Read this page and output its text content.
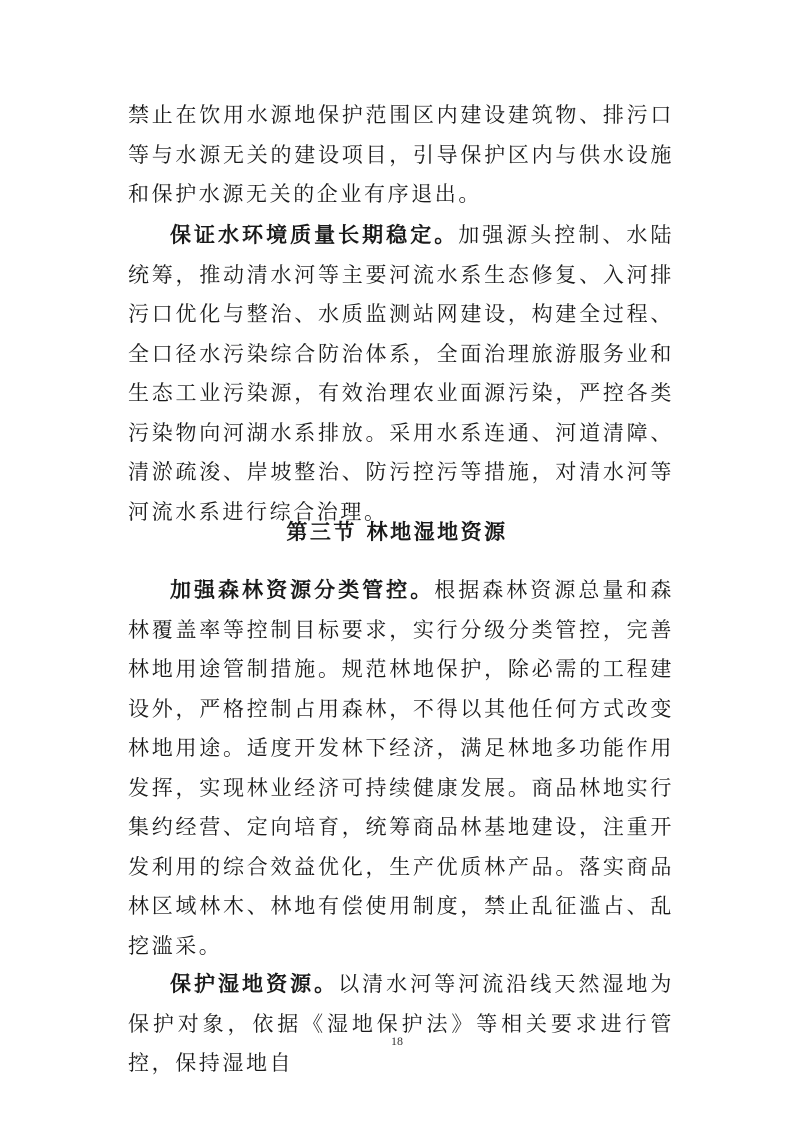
禁止在饮用水源地保护范围区内建设建筑物、排污口等与水源无关的建设项目，引导保护区内与供水设施和保护水源无关的企业有序退出。

保证水环境质量长期稳定。加强源头控制、水陆统筹，推动清水河等主要河流水系生态修复、入河排污口优化与整治、水质监测站网建设，构建全过程、全口径水污染综合防治体系，全面治理旅游服务业和生态工业污染源，有效治理农业面源污染，严控各类污染物向河湖水系排放。采用水系连通、河道清障、清淤疏浚、岸坡整治、防污控污等措施，对清水河等河流水系进行综合治理。

第三节 林地湿地资源

加强森林资源分类管控。根据森林资源总量和森林覆盖率等控制目标要求，实行分级分类管控，完善林地用途管制措施。规范林地保护，除必需的工程建设外，严格控制占用森林，不得以其他任何方式改变林地用途。适度开发林下经济，满足林地多功能作用发挥，实现林业经济可持续健康发展。商品林地实行集约经营、定向培育，统筹商品林基地建设，注重开发利用的综合效益优化，生产优质林产品。落实商品林区域林木、林地有偿使用制度，禁止乱征滥占、乱挖滥采。

保护湿地资源。以清水河等河流沿线天然湿地为保护对象，依据《湿地保护法》等相关要求进行管控，保持湿地自

18
